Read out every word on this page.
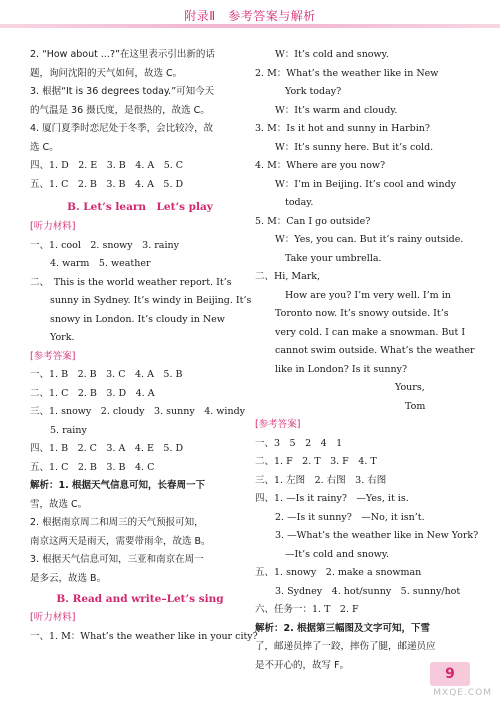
附录Ⅱ　参考答案与解析
2. “How about ...?”在这里表示引出新的话
题，询问沈阳的天气如何，故选 C。
3. 根据“It is 36 degrees today.”可知今天
的气温是 36 摄氏度，是很热的，故选 C。
4. 厦门夏季时恋尼处于冬季，会比较冷，故
选 C。
四、1. D　2. E　3. B　4. A　5. C
五、1. C　2. B　3. B　4. A　5. D
B. Let’s learn　Let’s play
[听力材料]
一、1. cool　2. snowy　3. rainy
4. warm　5. weather
二、　This is the world weather report. It’s
sunny in Sydney. It’s windy in Beijing. It’s
snowy in London. It’s cloudy in New
York.
[参考答案]
一、1. B　2. B　3. C　4. A　5. B
二、1. C　2. B　3. D　4. A
三、1. snowy　2. cloudy　3. sunny　4. windy
5. rainy
四、1. B　2. C　3. A　4. E　5. D
五、1. C　2. B　3. B　4. C
解析：1. 根据天气信息可知，长春周一下
雪，故选 C。
2. 根据南京周二和周三的天气预报可知，
南京这两天是雨天，需要带雨伞，故选 B。
3. 根据天气信息可知，三亚和南京在周一
是多云，故选 B。
B. Read and write–Let’s sing
[听力材料]
一、1. M：What’s the weather like in your city?
W：It’s cold and snowy.
2. M：What’s the weather like in New
York today?
W：It’s warm and cloudy.
3. M：Is it hot and sunny in Harbin?
W：It’s sunny here. But it’s cold.
4. M：Where are you now?
W：I’m in Beijing. It’s cool and windy
today.
5. M：Can I go outside?
W：Yes, you can. But it’s rainy outside.
Take your umbrella.
二、Hi, Mark,
How are you? I’m very well. I’m in
Toronto now. It’s snowy outside. It’s
very cold. I can make a snowman. But I
cannot swim outside. What’s the weather
like in London? Is it sunny?
Yours,
Tom
[参考答案]
一、3　5　2　4　1
二、1. F　2. T　3. F　4. T
三、1. 左图　2. 右图　3. 右图
四、1. —Is it rainy?　—Yes, it is.
2. —Is it sunny?　—No, it isn’t.
3. —What’s the weather like in New York?
—It’s cold and snowy.
五、1. snowy　2. make a snowman
3. Sydney　4. hot/sunny　5. sunny/hot
六、任务一：1. T　2. F
解析：2. 根据第三幅图及文字可知，下雪
了，邮递员摔了一跤，摔伤了腿，邮递员应
是不开心的，故写 F。
9
MXQE.COM
